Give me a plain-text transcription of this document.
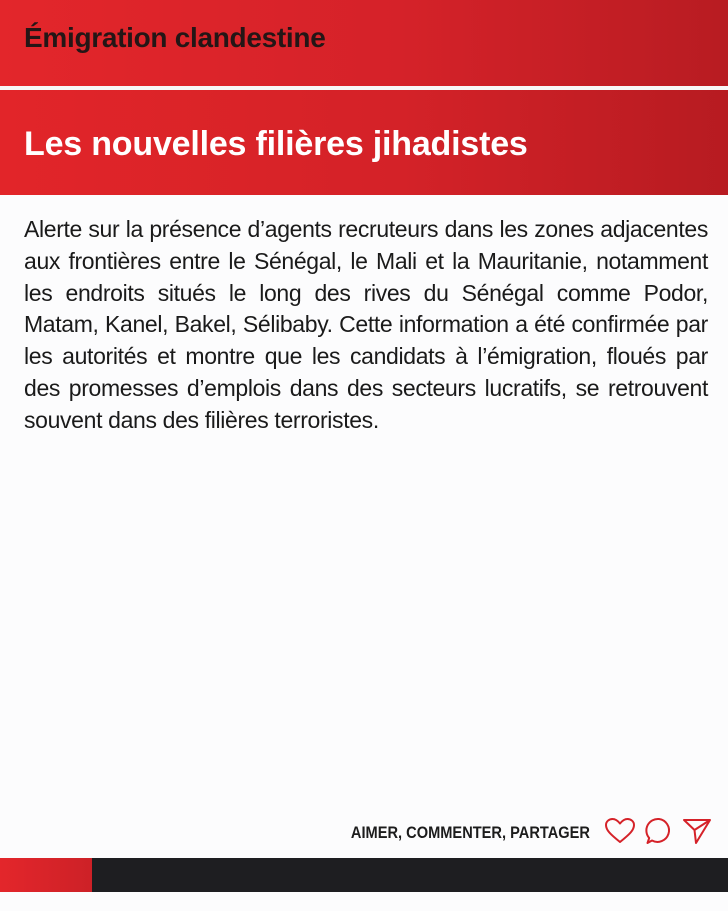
Émigration clandestine
Les nouvelles filières jihadistes
Alerte sur la présence d’agents recruteurs dans les zones adjacentes aux frontières entre le Sénégal, le Mali et la Mauritanie, notamment les endroits situés le long des rives du Sénégal comme Podor, Matam, Kanel, Bakel, Sélibaby. Cette information a été confirmée par les autorités et montre que les candidats à l’émigration, floués par des promesses d’emplois dans des secteurs lucratifs, se retrouvent souvent dans des filières terroristes.
AIMER, COMMENTER, PARTAGER
